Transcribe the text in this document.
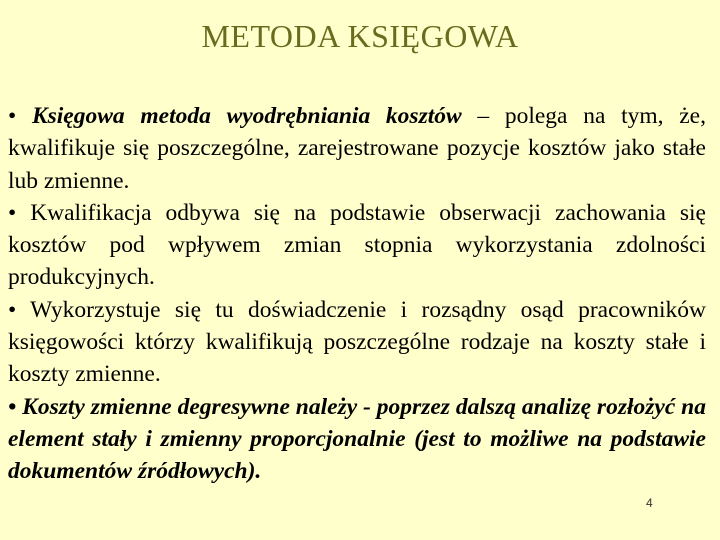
METODA KSIĘGOWA

• Księgowa metoda wyodrębniania kosztów – polega na tym, że, kwalifikuje się poszczególne, zarejestrowane pozycje kosztów jako stałe lub zmienne.

• Kwalifikacja odbywa się na podstawie obserwacji zachowania się kosztów pod wpływem zmian stopnia wykorzystania zdolności produkcyjnych.

• Wykorzystuje się tu doświadczenie i rozsądny osąd pracowników księgowości którzy kwalifikują poszczególne rodzaje na koszty stałe i koszty zmienne.

• Koszty zmienne degresywne należy - poprzez dalszą analizę rozłożyć na element stały i zmienny proporcjonalnie (jest to możliwe na podstawie dokumentów źródłowych).

4
